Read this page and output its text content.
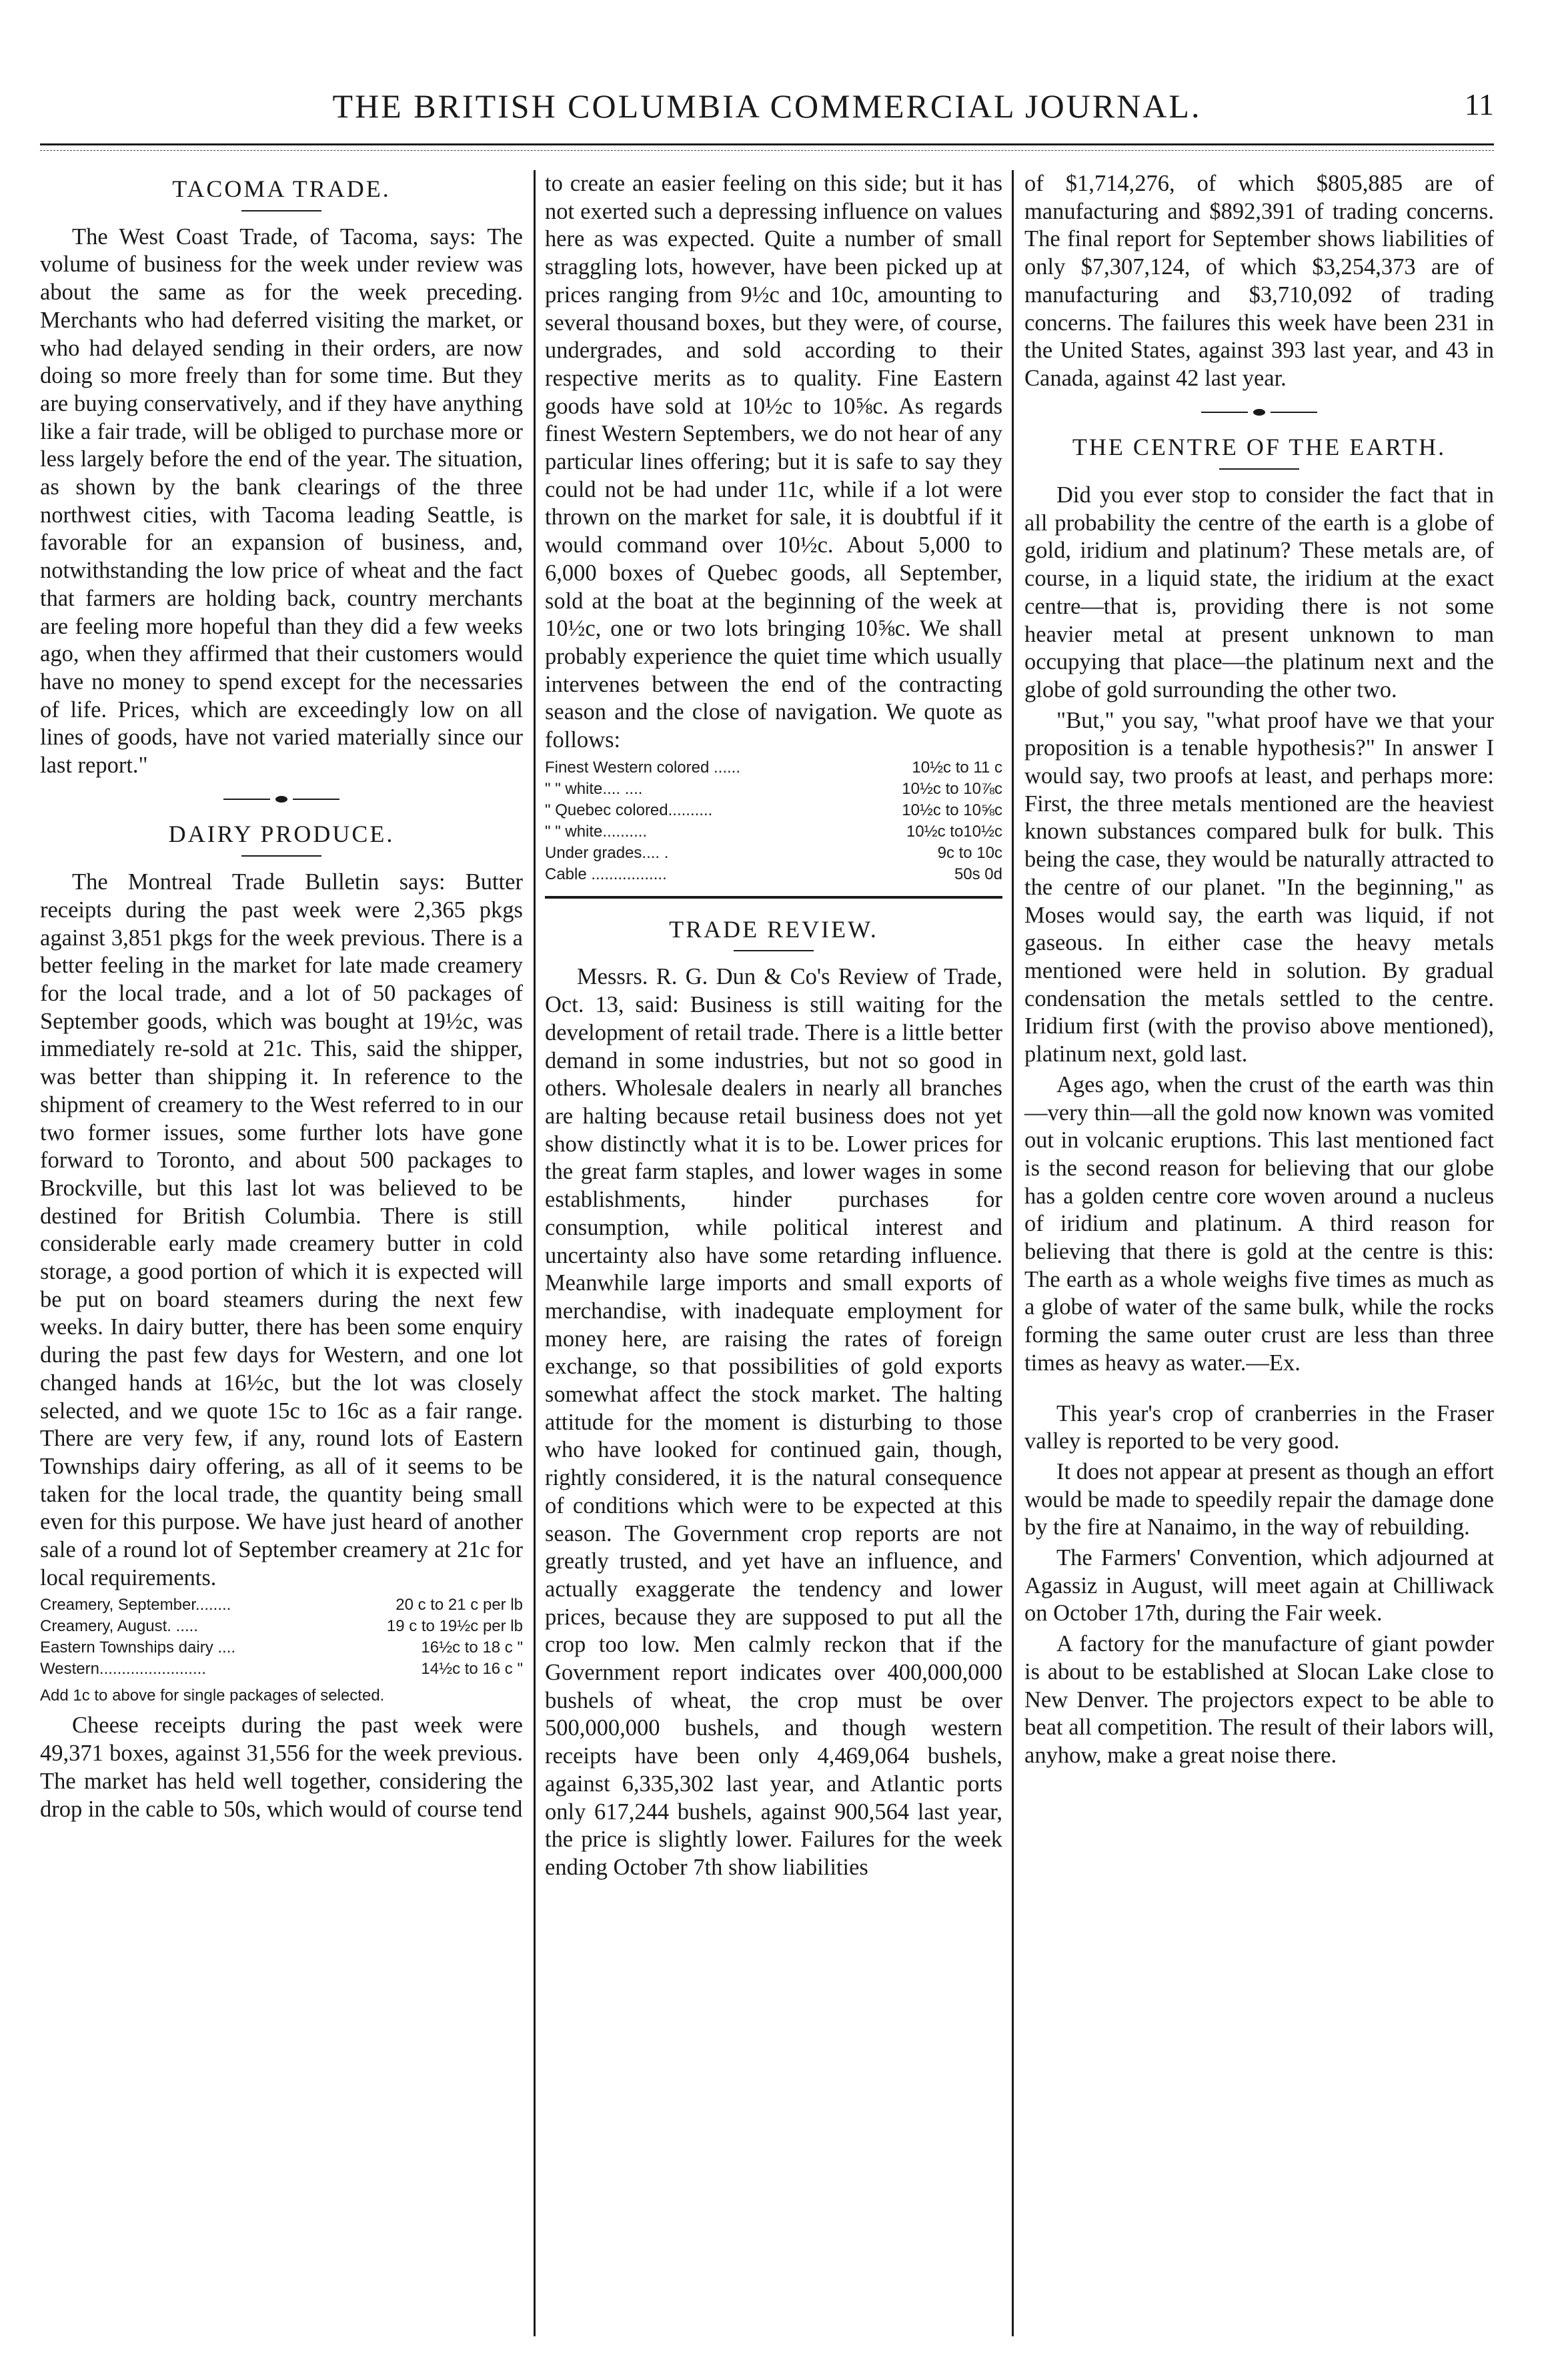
THE BRITISH COLUMBIA COMMERCIAL JOURNAL.	11
TACOMA TRADE.

The West Coast Trade, of Tacoma, says: The volume of business for the week under review was about the same as for the week preceding. Merchants who had deferred visiting the market, or who had delayed sending in their orders, are now doing so more freely than for some time. But they are buying conservatively, and if they have anything like a fair trade, will be obliged to purchase more or less largely before the end of the year. The situation, as shown by the bank clearings of the three northwest cities, with Tacoma leading Seattle, is favorable for an expansion of business, and, notwithstanding the low price of wheat and the fact that farmers are holding back, country merchants are feeling more hopeful than they did a few weeks ago, when they affirmed that their customers would have no money to spend except for the necessaries of life. Prices, which are exceedingly low on all lines of goods, have not varied materially since our last report."

DAIRY PRODUCE.

The Montreal Trade Bulletin says: Butter receipts during the past week were 2,365 pkgs against 3,851 pkgs for the week previous. There is a better feeling in the market for late made creamery for the local trade, and a lot of 50 packages of September goods, which was bought at 19½c, was immediately re-sold at 21c. This, said the shipper, was better than shipping it. In reference to the shipment of creamery to the West referred to in our two former issues, some further lots have gone forward to Toronto, and about 500 packages to Brockville, but this last lot was believed to be destined for British Columbia. There is still considerable early made creamery butter in cold storage, a good portion of which it is expected will be put on board steamers during the next few weeks. In dairy butter, there has been some enquiry during the past few days for Western, and one lot changed hands at 16½c, but the lot was closely selected, and we quote 15c to 16c as a fair range. There are very few, if any, round lots of Eastern Townships dairy offering, as all of it seems to be taken for the local trade, the quantity being small even for this purpose. We have just heard of another sale of a round lot of September creamery at 21c for local requirements.

Creamery, September........	20 c to 21 c per lb
Creamery, August. .....	19 c to 19½c per lb
Eastern Townships dairy ....	16½c to 18 c "
Western........................	14½c to 16 c "
Add 1c to above for single packages of selected.

Cheese receipts during the past week were 49,371 boxes, against 31,556 for the week previous. The market has held well together, considering the drop in the cable to 50s, which would of course tend

to create an easier feeling on this side; but it has not exerted such a depressing influence on values here as was expected. Quite a number of small straggling lots, however, have been picked up at prices ranging from 9½c and 10c, amounting to several thousand boxes, but they were, of course, undergrades, and sold according to their respective merits as to quality. Fine Eastern goods have sold at 10½c to 10⅝c. As regards finest Western Septembers, we do not hear of any particular lines offering; but it is safe to say they could not be had under 11c, while if a lot were thrown on the market for sale, it is doubtful if it would command over 10½c. About 5,000 to 6,000 boxes of Quebec goods, all September, sold at the boat at the beginning of the week at 10½c, one or two lots bringing 10⅝c. We shall probably experience the quiet time which usually intervenes between the end of the contracting season and the close of navigation. We quote as follows:

Finest Western colored ......	10½c to 11 c
" " white.... ....	10½c to 10⅞c
" Quebec colored..........	10½c to 10⅝c
" " white..........	10½c to10½c
Under grades.... .	9c to 10c
Cable .................	50s 0d
TRADE REVIEW.

Messrs. R. G. Dun & Co's Review of Trade, Oct. 13, said: Business is still waiting for the development of retail trade. There is a little better demand in some industries, but not so good in others. Wholesale dealers in nearly all branches are halting because retail business does not yet show distinctly what it is to be. Lower prices for the great farm staples, and lower wages in some establishments, hinder purchases for consumption, while political interest and uncertainty also have some retarding influence. Meanwhile large imports and small exports of merchandise, with inadequate employment for money here, are raising the rates of foreign exchange, so that possibilities of gold exports somewhat affect the stock market. The halting attitude for the moment is disturbing to those who have looked for continued gain, though, rightly considered, it is the natural consequence of conditions which were to be expected at this season. The Government crop reports are not greatly trusted, and yet have an influence, and actually exaggerate the tendency and lower prices, because they are supposed to put all the crop too low. Men calmly reckon that if the Government report indicates over 400,000,000 bushels of wheat, the crop must be over 500,000,000 bushels, and though western receipts have been only 4,469,064 bushels, against 6,335,302 last year, and Atlantic ports only 617,244 bushels, against 900,564 last year, the price is slightly lower. Failures for the week ending October 7th show liabilities

of $1,714,276, of which $805,885 are of manufacturing and $892,391 of trading concerns. The final report for September shows liabilities of only $7,307,124, of which $3,254,373 are of manufacturing and $3,710,092 of trading concerns. The failures this week have been 231 in the United States, against 393 last year, and 43 in Canada, against 42 last year.

THE CENTRE OF THE EARTH.

Did you ever stop to consider the fact that in all probability the centre of the earth is a globe of gold, iridium and platinum? These metals are, of course, in a liquid state, the iridium at the exact centre—that is, providing there is not some heavier metal at present unknown to man occupying that place—the platinum next and the globe of gold surrounding the other two.

"But," you say, "what proof have we that your proposition is a tenable hypothesis?" In answer I would say, two proofs at least, and perhaps more: First, the three metals mentioned are the heaviest known substances compared bulk for bulk. This being the case, they would be naturally attracted to the centre of our planet. "In the beginning," as Moses would say, the earth was liquid, if not gaseous. In either case the heavy metals mentioned were held in solution. By gradual condensation the metals settled to the centre. Iridium first (with the proviso above mentioned), platinum next, gold last.

Ages ago, when the crust of the earth was thin—very thin—all the gold now known was vomited out in volcanic eruptions. This last mentioned fact is the second reason for believing that our globe has a golden centre core woven around a nucleus of iridium and platinum. A third reason for believing that there is gold at the centre is this: The earth as a whole weighs five times as much as a globe of water of the same bulk, while the rocks forming the same outer crust are less than three times as heavy as water.—Ex.

This year's crop of cranberries in the Fraser valley is reported to be very good.

It does not appear at present as though an effort would be made to speedily repair the damage done by the fire at Nanaimo, in the way of rebuilding.

The Farmers' Convention, which adjourned at Agassiz in August, will meet again at Chilliwack on October 17th, during the Fair week.

A factory for the manufacture of giant powder is about to be established at Slocan Lake close to New Denver. The projectors expect to be able to beat all competition. The result of their labors will, anyhow, make a great noise there.
